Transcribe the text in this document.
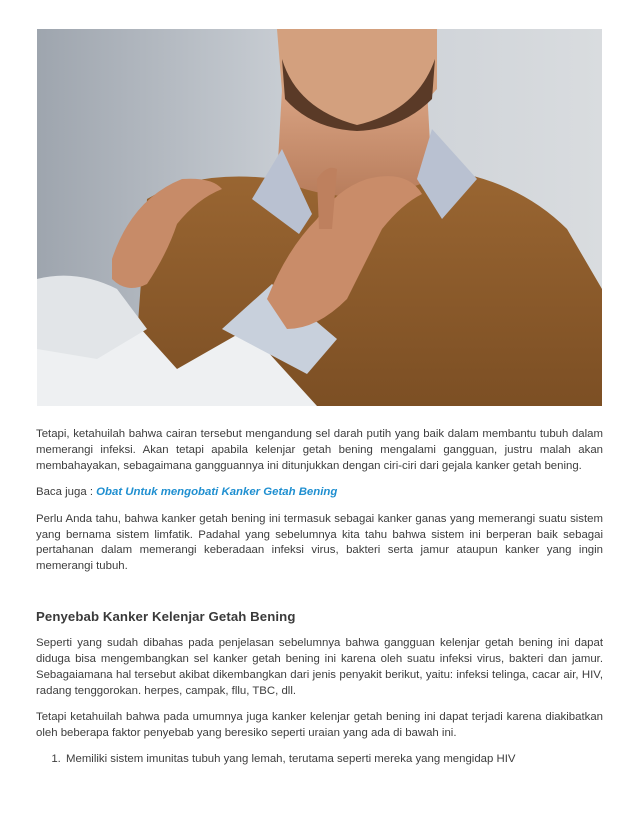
Tetapi, ketahuilah bahwa cairan tersebut mengandung sel darah putih yang baik dalam membantu tubuh dalam memerangi infeksi. Akan tetapi apabila kelenjar getah bening mengalami gangguan, justru malah akan membahayakan, sebagaimana gangguannya ini ditunjukkan dengan ciri-ciri dari gejala kanker getah bening.

Baca juga : Obat Untuk mengobati Kanker Getah Bening

Perlu Anda tahu, bahwa kanker getah bening ini termasuk sebagai kanker ganas yang memerangi suatu sistem yang bernama sistem limfatik. Padahal yang sebelumnya kita tahu bahwa sistem ini berperan baik sebagai pertahanan dalam memerangi keberadaan infeksi virus, bakteri serta jamur ataupun kanker yang ingin memerangi tubuh.

Penyebab Kanker Kelenjar Getah Bening

Seperti yang sudah dibahas pada penjelasan sebelumnya bahwa gangguan kelenjar getah bening ini dapat diduga bisa mengembangkan sel kanker getah bening ini karena oleh suatu infeksi virus, bakteri dan jamur. Sebagaiamana hal tersebut akibat dikembangkan dari jenis penyakit berikut, yaitu: infeksi telinga, cacar air, HIV, radang tenggorokan. herpes, campak, fllu, TBC, dll.

Tetapi ketahuilah bahwa pada umumnya juga kanker kelenjar getah bening ini dapat terjadi karena diakibatkan oleh beberapa faktor penyebab yang beresiko seperti uraian yang ada di bawah ini.

1. Memiliki sistem imunitas tubuh yang lemah, terutama seperti mereka yang mengidap HIV
